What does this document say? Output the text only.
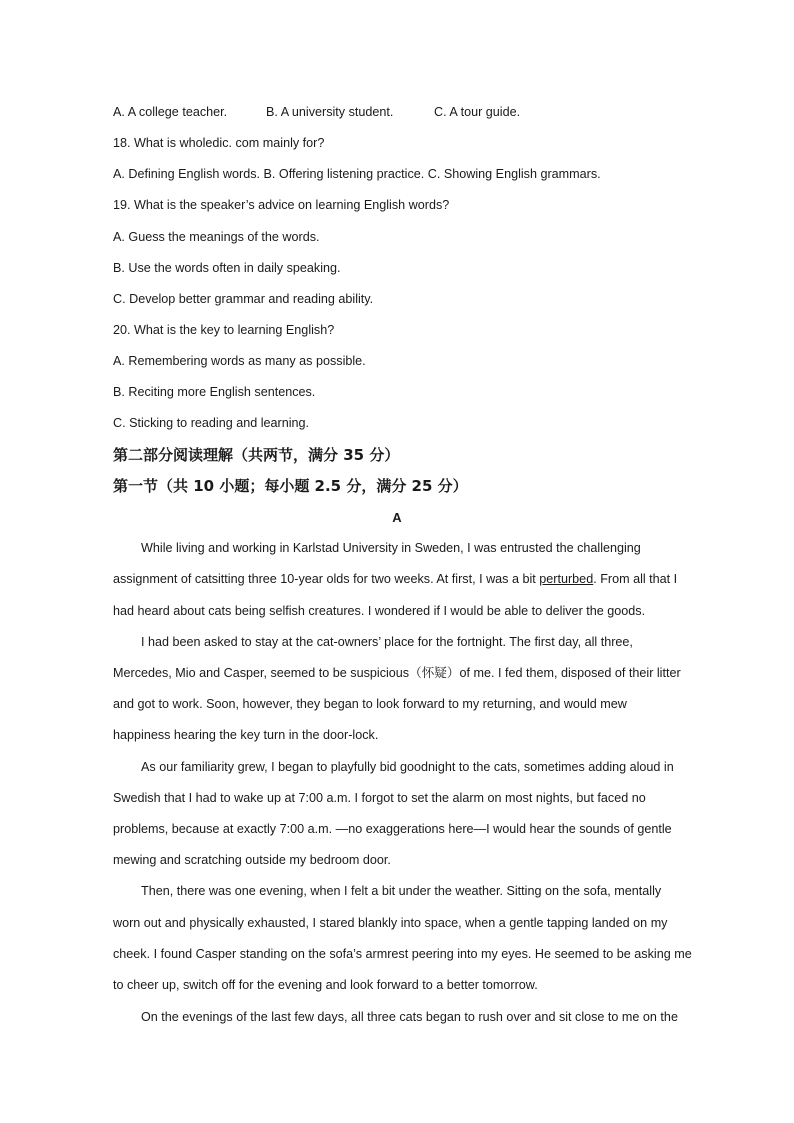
A. A college teacher.	B. A university student.	C. A tour guide.
18. What is wholedic. com mainly for?
A. Defining English words. B. Offering listening practice. C. Showing English grammars.
19. What is the speaker’s advice on learning English words?
A. Guess the meanings of the words.
B. Use the words often in daily speaking.
C. Develop better grammar and reading ability.
20. What is the key to learning English?
A. Remembering words as many as possible.
B. Reciting more English sentences.
C. Sticking to reading and learning.
第二部分阅读理解（共两节，满分 35 分）
第一节（共 10 小题；每小题 2.5 分，满分 25 分）
A
While living and working in Karlstad University in Sweden, I was entrusted the challenging
assignment of catsitting three 10-year olds for two weeks. At first, I was a bit perturbed. From all that I
had heard about cats being selfish creatures. I wondered if I would be able to deliver the goods.
I had been asked to stay at the cat-owners’ place for the fortnight. The first day, all three,
Mercedes, Mio and Casper, seemed to be suspicious（怀疑）of me. I fed them, disposed of their litter
and got to work. Soon, however, they began to look forward to my returning, and would mew
happiness hearing the key turn in the door-lock.
As our familiarity grew, I began to playfully bid goodnight to the cats, sometimes adding aloud in
Swedish that I had to wake up at 7:00 a.m. I forgot to set the alarm on most nights, but faced no
problems, because at exactly 7:00 a.m. —no exaggerations here—I would hear the sounds of gentle
mewing and scratching outside my bedroom door.
Then, there was one evening, when I felt a bit under the weather. Sitting on the sofa, mentally
worn out and physically exhausted, I stared blankly into space, when a gentle tapping landed on my
cheek. I found Casper standing on the sofa’s armrest peering into my eyes. He seemed to be asking me
to cheer up, switch off for the evening and look forward to a better tomorrow.
On the evenings of the last few days, all three cats began to rush over and sit close to me on the
